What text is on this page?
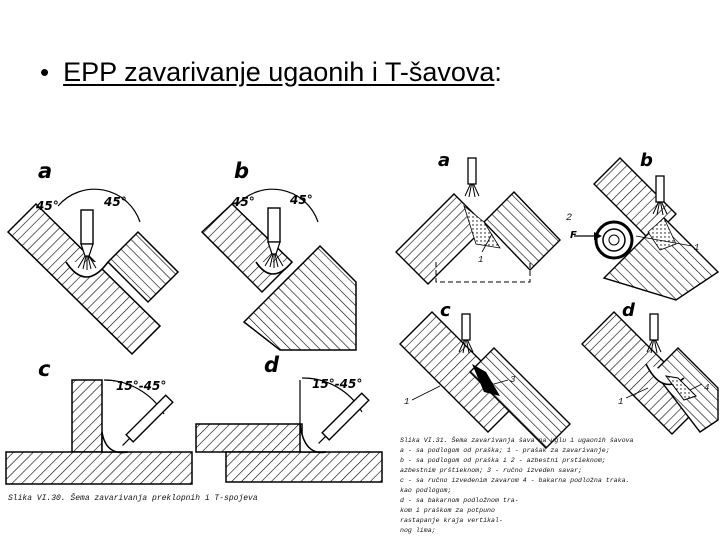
• EPP zavarivanje ugaonih i T-šavova:
a
45°	45°
b
45°	45°
c
15°-45°
d
15°-45°
Slika VI.30. Šema zavarivanja preklopnih i T-spojeva
a
1
b
2
F
1
c
3
1
d
4
1
Slika VI.31. Šema zavarivanja šava na uglu i ugaonih šavova
a - sa podlogom od praška; 1 - prašak za zavarivanje;
b - sa podlogom od praška i 2 - azbestni prstieknom;
azbestnim prštieknom; 3 - ručno izveden savar;
c - sa ručno izvedenim zavarom 4 - bakarna podložna traka.
kao podlogom;
d - sa bakarnom podložnom tra-
kom i praškom za potpuno
rastapanje kraja vertikal-
nog lima;
